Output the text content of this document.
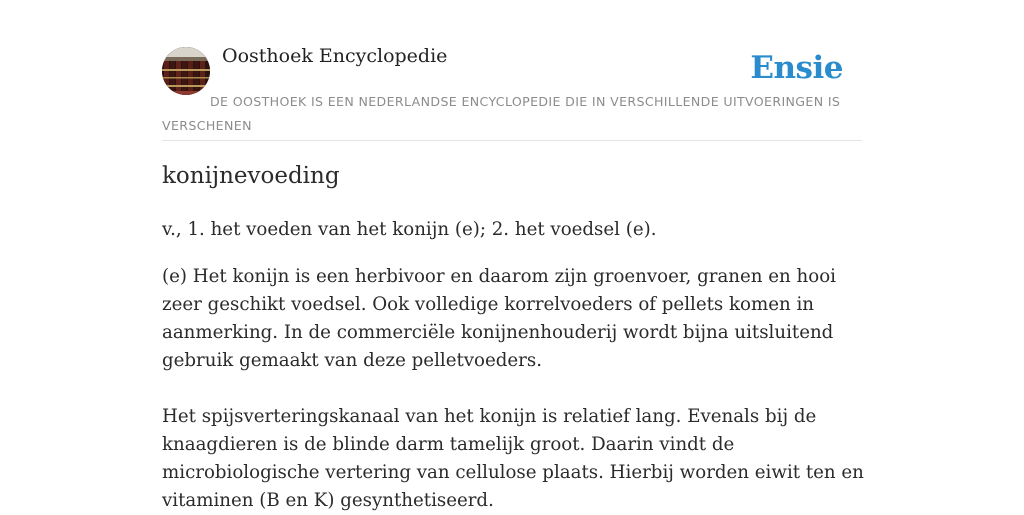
Oosthoek Encyclopedie	Ensie
DE OOSTHOEK IS EEN NEDERLANDSE ENCYCLOPEDIE DIE IN VERSCHILLENDE UITVOERINGEN IS VERSCHENEN
konijnevoeding

v., 1. het voeden van het konijn (e); 2. het voedsel (e).

(e) Het konijn is een herbivoor en daarom zijn groenvoer, granen en hooi zeer geschikt voedsel. Ook volledige korrelvoeders of pellets komen in aanmerking. In de commerciële konijnenhouderij wordt bijna uitsluitend gebruik gemaakt van deze pelletvoeders.

Het spijsverteringskanaal van het konijn is relatief lang. Evenals bij de knaagdieren is de blinde darm tamelijk groot. Daarin vindt de microbiologische vertering van cellulose plaats. Hierbij worden eiwit ten en vitaminen (B en K) gesynthetiseerd.
